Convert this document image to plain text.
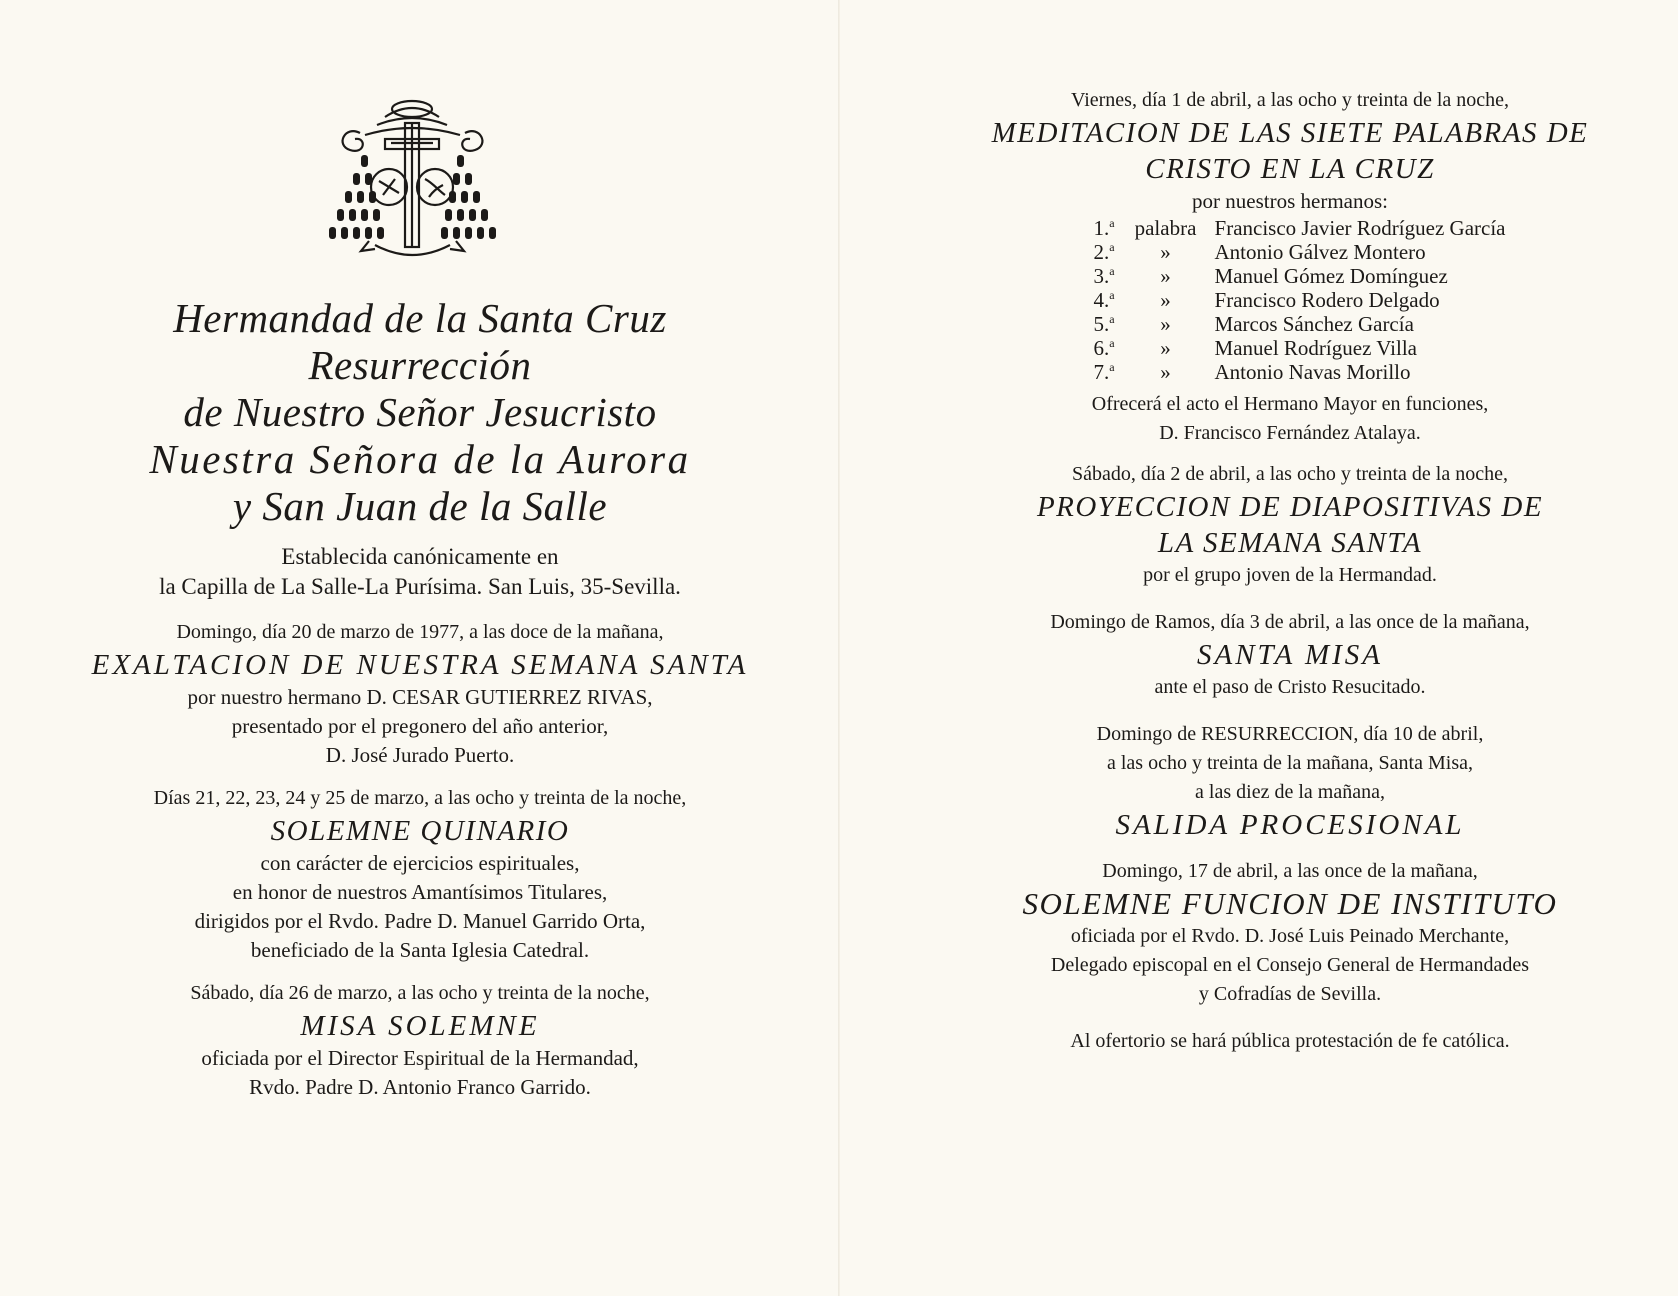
Hermandad de la Santa Cruz
Resurrección
de Nuestro Señor Jesucristo
Nuestra Señora de la Aurora
y San Juan de la Salle
Establecida canónicamente en
la Capilla de La Salle-La Purísima. San Luis, 35-Sevilla.
Domingo, día 20 de marzo de 1977, a las doce de la mañana,
EXALTACION DE NUESTRA SEMANA SANTA
por nuestro hermano D. CESAR GUTIERREZ RIVAS,
presentado por el pregonero del año anterior,
D. José Jurado Puerto.
Días 21, 22, 23, 24 y 25 de marzo, a las ocho y treinta de la noche,
SOLEMNE QUINARIO
con carácter de ejercicios espirituales,
en honor de nuestros Amantísimos Titulares,
dirigidos por el Rvdo. Padre D. Manuel Garrido Orta,
beneficiado de la Santa Iglesia Catedral.
Sábado, día 26 de marzo, a las ocho y treinta de la noche,
MISA SOLEMNE
oficiada por el Director Espiritual de la Hermandad,
Rvdo. Padre D. Antonio Franco Garrido.
Viernes, día 1 de abril, a las ocho y treinta de la noche,
MEDITACION DE LAS SIETE PALABRAS DE
CRISTO EN LA CRUZ
por nuestros hermanos:
1.$^a$ palabra Francisco Javier Rodríguez García
2.$^a$	»	Antonio Gálvez Montero
3.$^a$	»	Manuel Gómez Domínguez
4.$^a$	»	Francisco Rodero Delgado
5.$^a$	»	Marcos Sánchez García
6.$^a$	»	Manuel Rodríguez Villa
7.$^a$	»	Antonio Navas Morillo
Ofrecerá el acto el Hermano Mayor en funciones,
D. Francisco Fernández Atalaya.
Sábado, día 2 de abril, a las ocho y treinta de la noche,
PROYECCION DE DIAPOSITIVAS DE
LA SEMANA SANTA
por el grupo joven de la Hermandad.
Domingo de Ramos, día 3 de abril, a las once de la mañana,
SANTA MISA
ante el paso de Cristo Resucitado.
Domingo de RESURRECCION, día 10 de abril,
a las ocho y treinta de la mañana, Santa Misa,
a las diez de la mañana,
SALIDA PROCESIONAL
Domingo, 17 de abril, a las once de la mañana,
SOLEMNE FUNCION DE INSTITUTO
oficiada por el Rvdo. D. José Luis Peinado Merchante,
Delegado episcopal en el Consejo General de Hermandades
y Cofradías de Sevilla.
Al ofertorio se hará pública protestación de fe católica.
